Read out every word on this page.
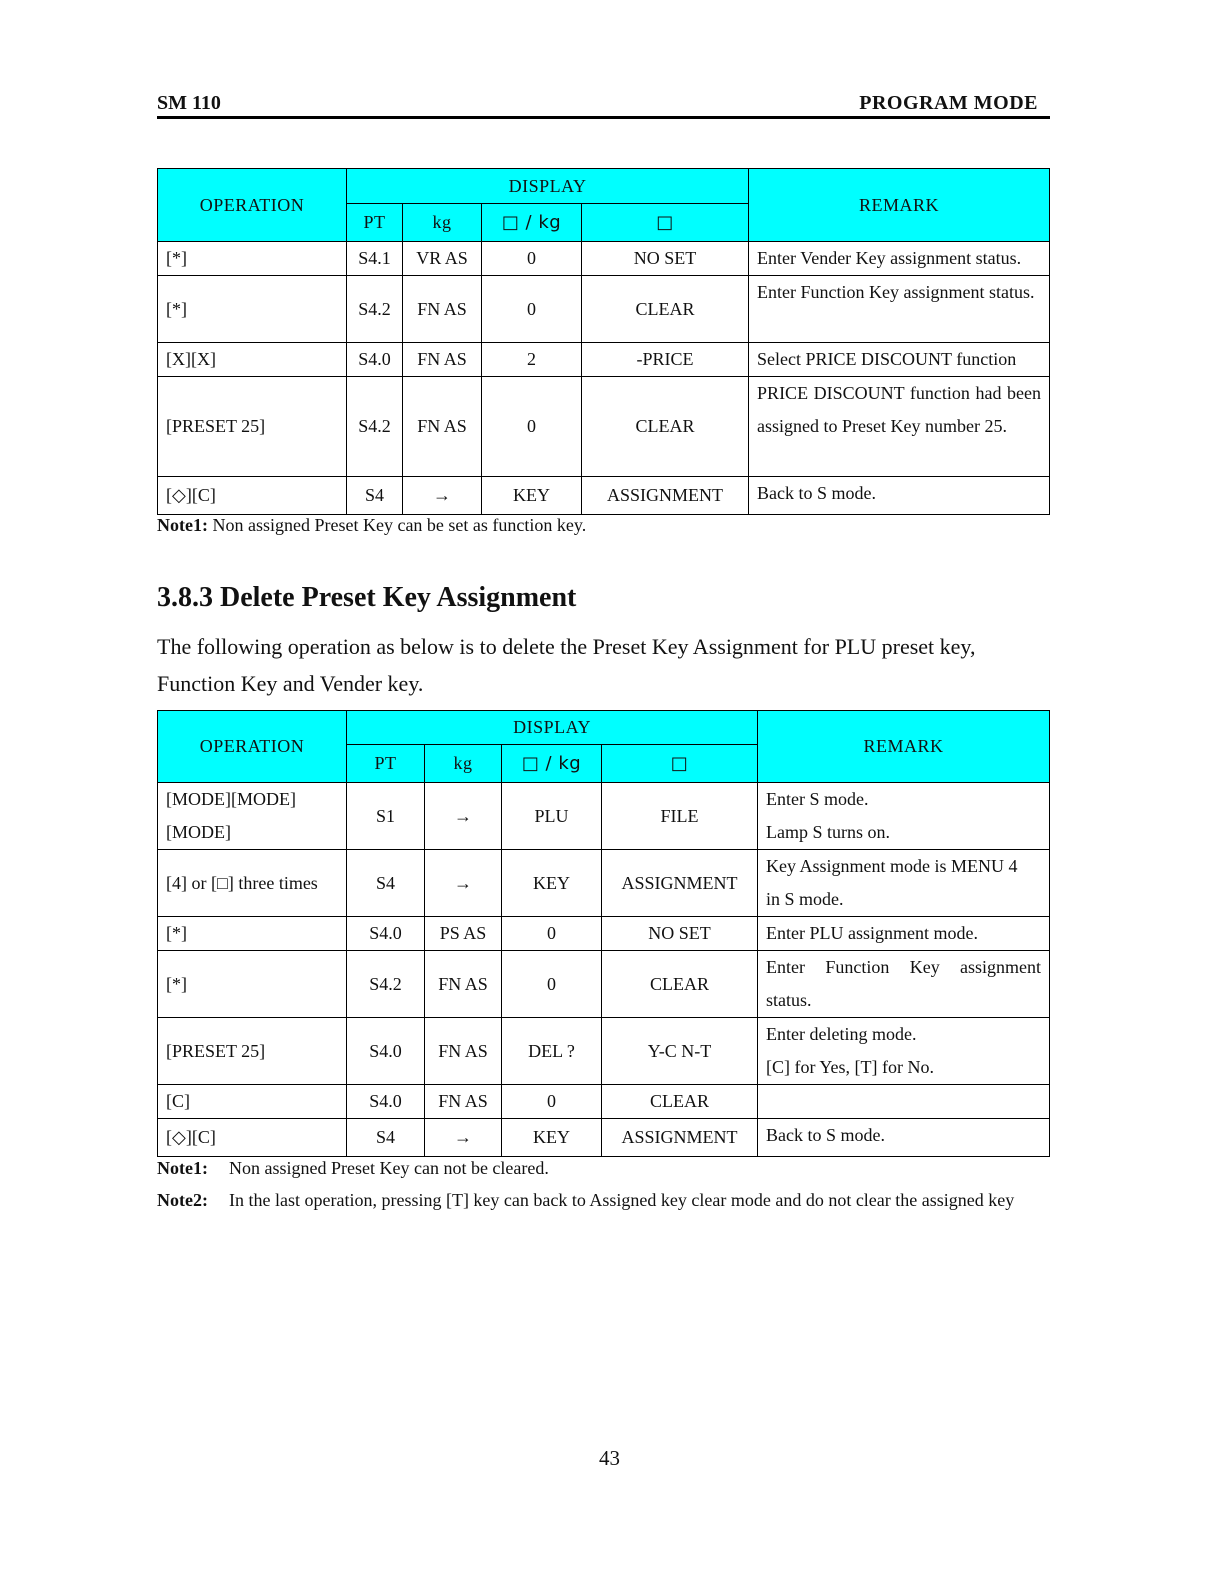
SM 110	PROGRAM MODE
OPERATION	DISPLAY				REMARK
	PT	kg	□ / kg	□	
[*]	S4.1	VR AS	0	NO SET	Enter Vender Key assignment status.
[*]	S4.2	FN AS	0	CLEAR	Enter Function Key assignment status.
[X][X]	S4.0	FN AS	2	-PRICE	Select PRICE DISCOUNT function
[PRESET 25]	S4.2	FN AS	0	CLEAR	PRICE DISCOUNT function had been assigned to Preset Key number 25.
[◇][C]	S4	→	KEY	ASSIGNMENT	Back to S mode.
Note1: Non assigned Preset Key can be set as function key.
3.8.3 Delete Preset Key Assignment
The following operation as below is to delete the Preset Key Assignment for PLU preset key, Function Key and Vender key.
OPERATION	DISPLAY				REMARK
	PT	kg	□ / kg	□	
[MODE][MODE] [MODE]	S1	→	PLU	FILE	Enter S mode.
Lamp S turns on.

[4] or [□] three times	S4	→	KEY	ASSIGNMENT	Key Assignment mode is MENU 4
in S mode.

[*]	S4.0	PS AS	0	NO SET	Enter PLU assignment mode.

[*]	S4.2	FN AS	0	CLEAR	Enter Function Key assignment
status.

[PRESET 25]	S4.0	FN AS	DEL ?	Y-C N-T	Enter deleting mode.
[C] for Yes, [T] for No.

[C]	S4.0	FN AS	0	CLEAR	
[◇][C]	S4	→	KEY	ASSIGNMENT	Back to S mode.
Note1: Non assigned Preset Key can not be cleared.
Note2: In the last operation, pressing [T] key can back to Assigned key clear mode and do not clear the assigned key
43
